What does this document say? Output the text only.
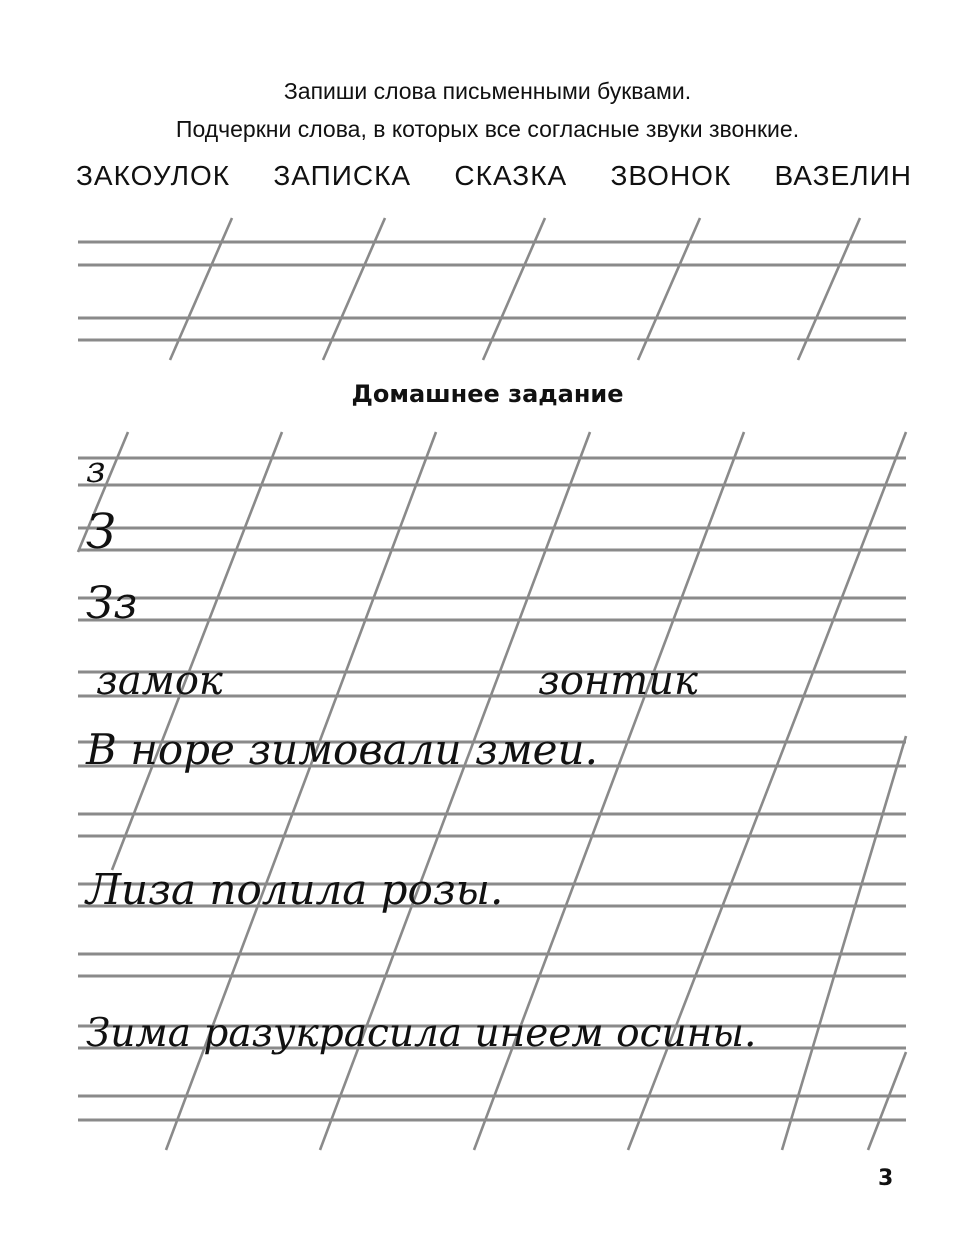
Запиши слова письменными буквами.
Подчеркни слова, в которых все согласные звуки звонкие.
ЗАКОУЛОК ЗАПИСКА СКАЗКА ЗВОНОК ВАЗЕЛИН
Домашнее задание
з
З
Зз
замок	зонтик
В норе зимовали змеи.
Лиза полила розы.
Зима разукрасила инеем осины.
3
